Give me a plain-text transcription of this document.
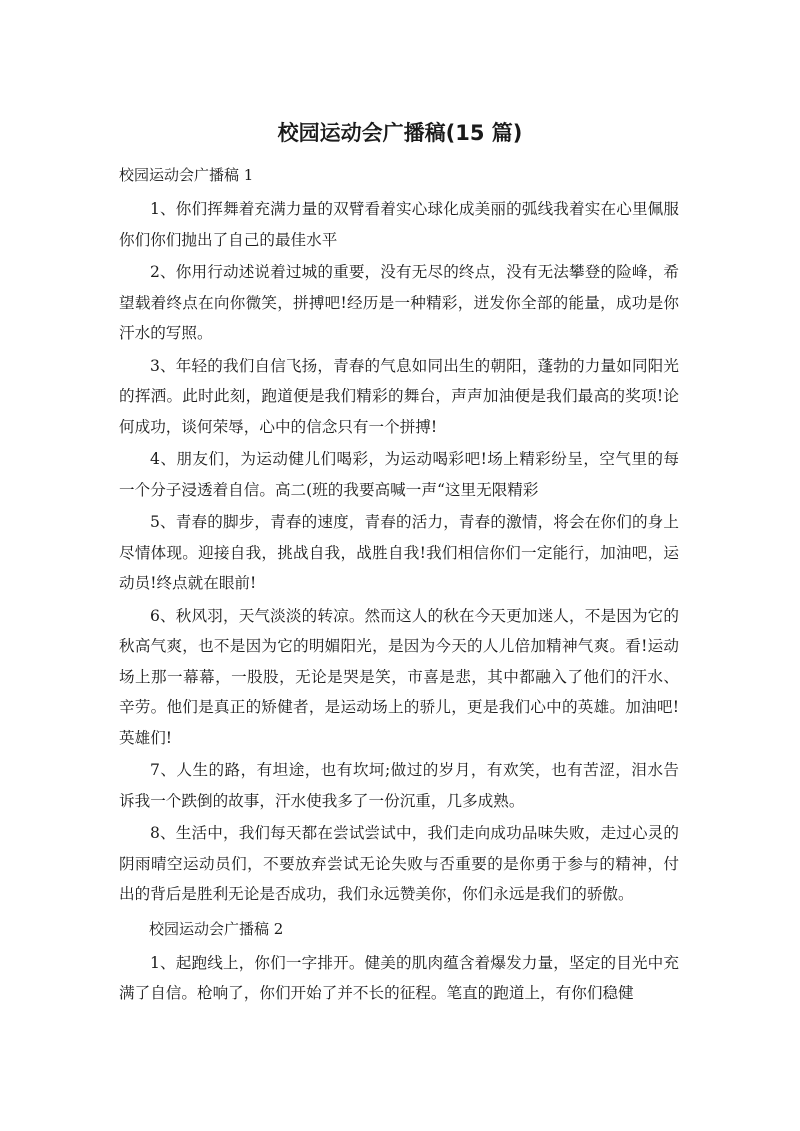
校园运动会广播稿(15 篇)
校园运动会广播稿 1

1、你们挥舞着充满力量的双臂看着实心球化成美丽的弧线我着实在心里佩服你们你们抛出了自己的最佳水平

2、你用行动述说着过城的重要，没有无尽的终点，没有无法攀登的险峰，希望载着终点在向你微笑，拼搏吧!经历是一种精彩，迸发你全部的能量，成功是你汗水的写照。

3、年轻的我们自信飞扬，青春的气息如同出生的朝阳，蓬勃的力量如同阳光的挥洒。此时此刻，跑道便是我们精彩的舞台，声声加油便是我们最高的奖项!论何成功，谈何荣辱，心中的信念只有一个拼搏!

4、朋友们，为运动健儿们喝彩，为运动喝彩吧!场上精彩纷呈，空气里的每一个分子浸透着自信。高二(班的我要高喊一声“这里无限精彩

5、青春的脚步，青春的速度，青春的活力，青春的激情，将会在你们的身上尽情体现。迎接自我，挑战自我，战胜自我!我们相信你们一定能行，加油吧，运动员!终点就在眼前!

6、秋风羽，天气淡淡的转凉。然而这人的秋在今天更加迷人，不是因为它的秋高气爽，也不是因为它的明媚阳光，是因为今天的人儿倍加精神气爽。看!运动场上那一幕幕，一股股，无论是哭是笑，市喜是悲，其中都融入了他们的汗水、辛劳。他们是真正的矫健者，是运动场上的骄儿，更是我们心中的英雄。加油吧!英雄们!

7、人生的路，有坦途，也有坎坷;做过的岁月，有欢笑，也有苦涩，泪水告诉我一个跌倒的故事，汗水使我多了一份沉重，几多成熟。

8、生活中，我们每天都在尝试尝试中，我们走向成功品味失败，走过心灵的阴雨晴空运动员们，不要放弃尝试无论失败与否重要的是你勇于参与的精神，付出的背后是胜利无论是否成功，我们永远赞美你，你们永远是我们的骄傲。

校园运动会广播稿 2

1、起跑线上，你们一字排开。健美的肌肉蕴含着爆发力量，坚定的目光中充满了自信。枪响了，你们开始了并不长的征程。笔直的跑道上，有你们稳健
